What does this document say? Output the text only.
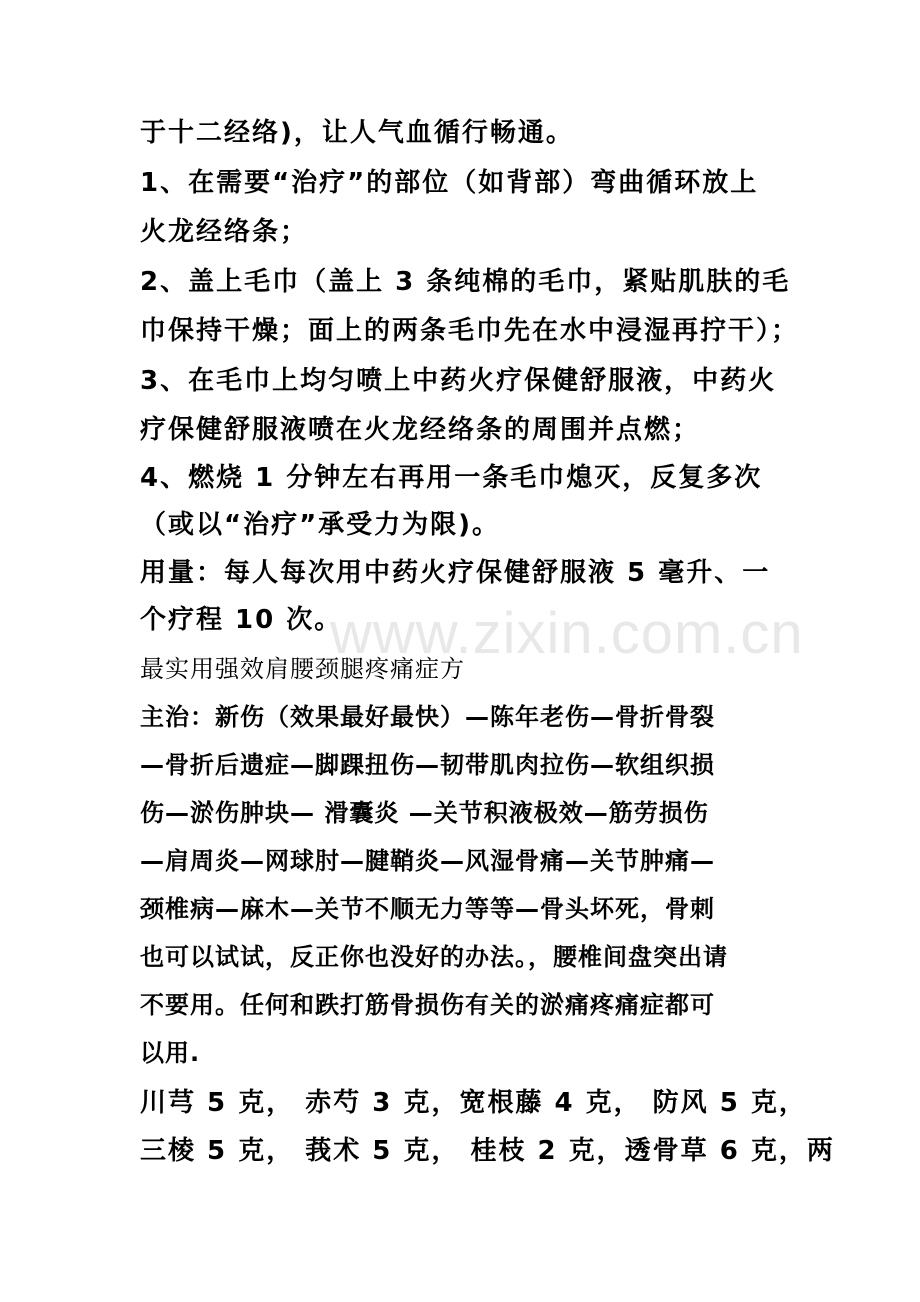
www.zixin.com.cn
于十二经络)，让人气血循行畅通。
1、在需要“治疗”的部位（如背部）弯曲循环放上
火龙经络条；
2、盖上毛巾（盖上 3 条纯棉的毛巾，紧贴肌肤的毛
巾保持干燥；面上的两条毛巾先在水中浸湿再拧干）；
3、在毛巾上均匀喷上中药火疗保健舒服液，中药火
疗保健舒服液喷在火龙经络条的周围并点燃；
4、燃烧 1 分钟左右再用一条毛巾熄灭，反复多次
（或以“治疗”承受力为限)。
用量：每人每次用中药火疗保健舒服液 5 毫升、一
个疗程 10 次。
最实用强效肩腰颈腿疼痛症方
主治：新伤（效果最好最快）—陈年老伤—骨折骨裂
—骨折后遗症—脚踝扭伤—韧带肌肉拉伤—软组织损
伤—淤伤肿块— 滑囊炎 —关节积液极效—筋劳损伤
—肩周炎—网球肘—腱鞘炎—风湿骨痛—关节肿痛—
颈椎病—麻木—关节不顺无力等等—骨头坏死，骨刺
也可以试试，反正你也没好的办法。，腰椎间盘突出请
不要用。任何和跌打筋骨损伤有关的淤痛疼痛症都可
以用.
川芎 5 克， 赤芍 3 克，宽根藤 4 克， 防风 5 克，
三棱 5 克， 莪术 5 克， 桂枝 2 克，透骨草 6 克，两
